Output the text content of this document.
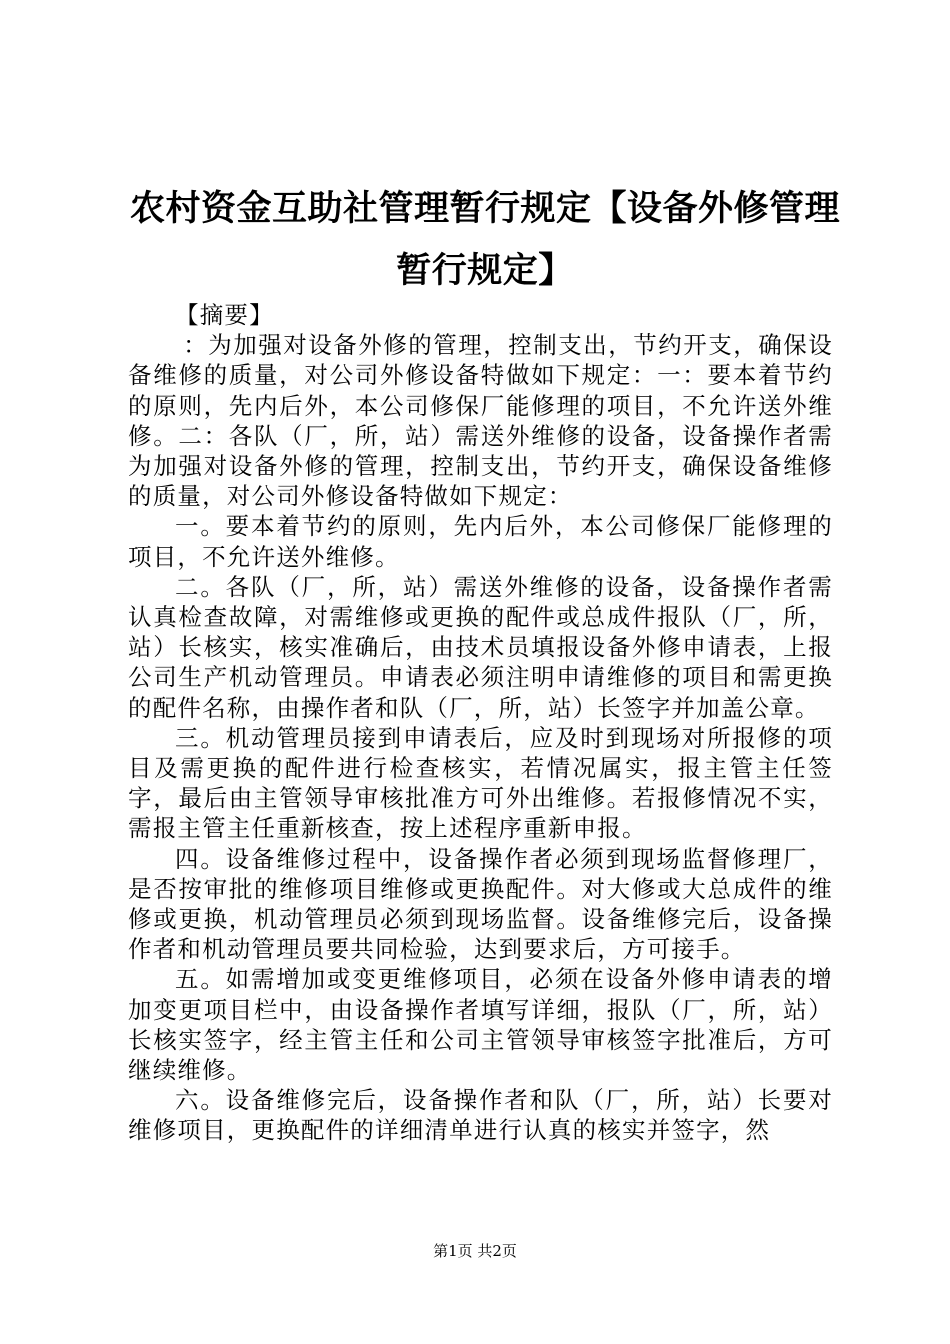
农村资金互助社管理暂行规定【设备外修管理暂行规定】

【摘要】

：为加强对设备外修的管理，控制支出，节约开支，确保设备维修的质量，对公司外修设备特做如下规定：一：要本着节约的原则，先内后外，本公司修保厂能修理的项目，不允许送外维修。二：各队（厂，所，站）需送外维修的设备，设备操作者需为加强对设备外修的管理，控制支出，节约开支，确保设备维修的质量，对公司外修设备特做如下规定：

一。要本着节约的原则，先内后外，本公司修保厂能修理的项目，不允许送外维修。

二。各队（厂，所，站）需送外维修的设备，设备操作者需认真检查故障，对需维修或更换的配件或总成件报队（厂，所，站）长核实，核实准确后，由技术员填报设备外修申请表，上报公司生产机动管理员。申请表必须注明申请维修的项目和需更换的配件名称，由操作者和队（厂，所，站）长签字并加盖公章。

三。机动管理员接到申请表后，应及时到现场对所报修的项目及需更换的配件进行检查核实，若情况属实，报主管主任签字，最后由主管领导审核批准方可外出维修。若报修情况不实，需报主管主任重新核查，按上述程序重新申报。

四。设备维修过程中，设备操作者必须到现场监督修理厂，是否按审批的维修项目维修或更换配件。对大修或大总成件的维修或更换，机动管理员必须到现场监督。设备维修完后，设备操作者和机动管理员要共同检验，达到要求后，方可接手。

五。如需增加或变更维修项目，必须在设备外修申请表的增加变更项目栏中，由设备操作者填写详细，报队（厂，所，站）长核实签字，经主管主任和公司主管领导审核签字批准后，方可继续维修。

六。设备维修完后，设备操作者和队（厂，所，站）长要对维修项目，更换配件的详细清单进行认真的核实并签字，然

第1页 共2页
